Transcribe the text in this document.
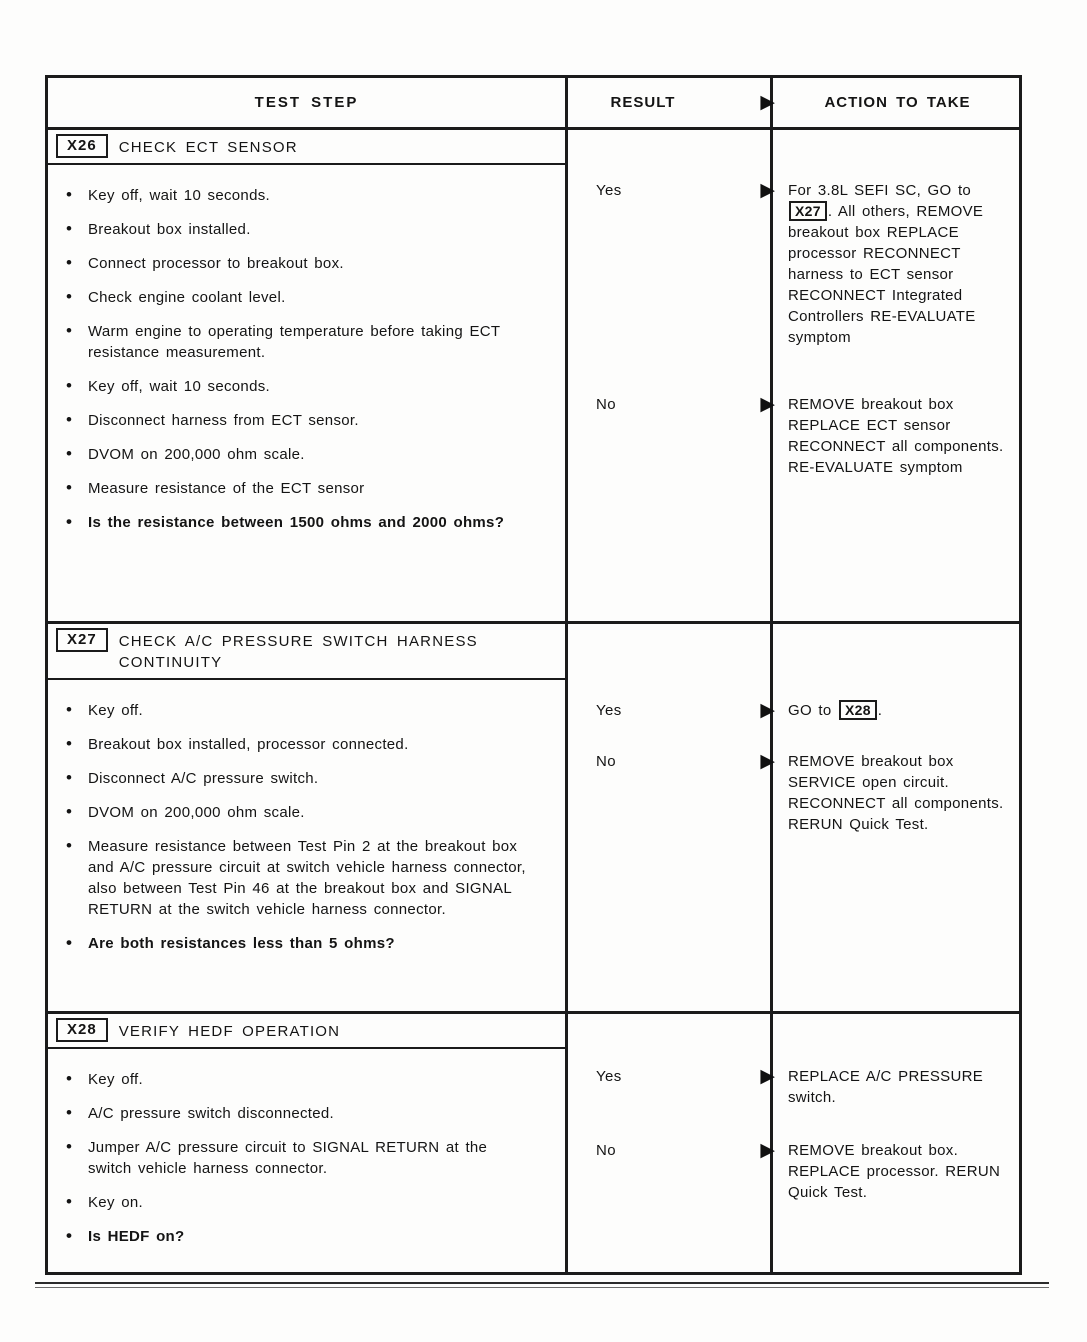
TEST STEP	RESULT	▶	ACTION TO TAKE
X26	CHECK ECT SENSOR
• Key off, wait 10 seconds.
• Breakout box installed.
• Connect processor to breakout box.
• Check engine coolant level.
• Warm engine to operating temperature before taking ECT resistance measurement.
• Key off, wait 10 seconds.
• Disconnect harness from ECT sensor.
• DVOM on 200,000 ohm scale.
• Measure resistance of the ECT sensor
• Is the resistance between 1500 ohms and 2000 ohms?
Yes	▶ For 3.8L SEFI SC, GO to X27 . All others, REMOVE breakout box REPLACE processor RECONNECT harness to ECT sensor RECONNECT Integrated Controllers RE-EVALUATE symptom
No	▶ REMOVE breakout box REPLACE ECT sensor RECONNECT all components. RE-EVALUATE symptom
X27	CHECK A/C PRESSURE SWITCH HARNESS CONTINUITY
• Key off.
• Breakout box installed, processor connected.
• Disconnect A/C pressure switch.
• DVOM on 200,000 ohm scale.
• Measure resistance between Test Pin 2 at the breakout box and A/C pressure circuit at switch vehicle harness connector, also between Test Pin 46 at the breakout box and SIGNAL RETURN at the switch vehicle harness connector.
• Are both resistances less than 5 ohms?
Yes	▶ GO to X28 .
No	▶ REMOVE breakout box SERVICE open circuit. RECONNECT all components. RERUN Quick Test.
X28	VERIFY HEDF OPERATION
• Key off.
• A/C pressure switch disconnected.
• Jumper A/C pressure circuit to SIGNAL RETURN at the switch vehicle harness connector.
• Key on.
• Is HEDF on?
Yes	▶ REPLACE A/C PRESSURE switch.
No	▶ REMOVE breakout box. REPLACE processor. RERUN Quick Test.
